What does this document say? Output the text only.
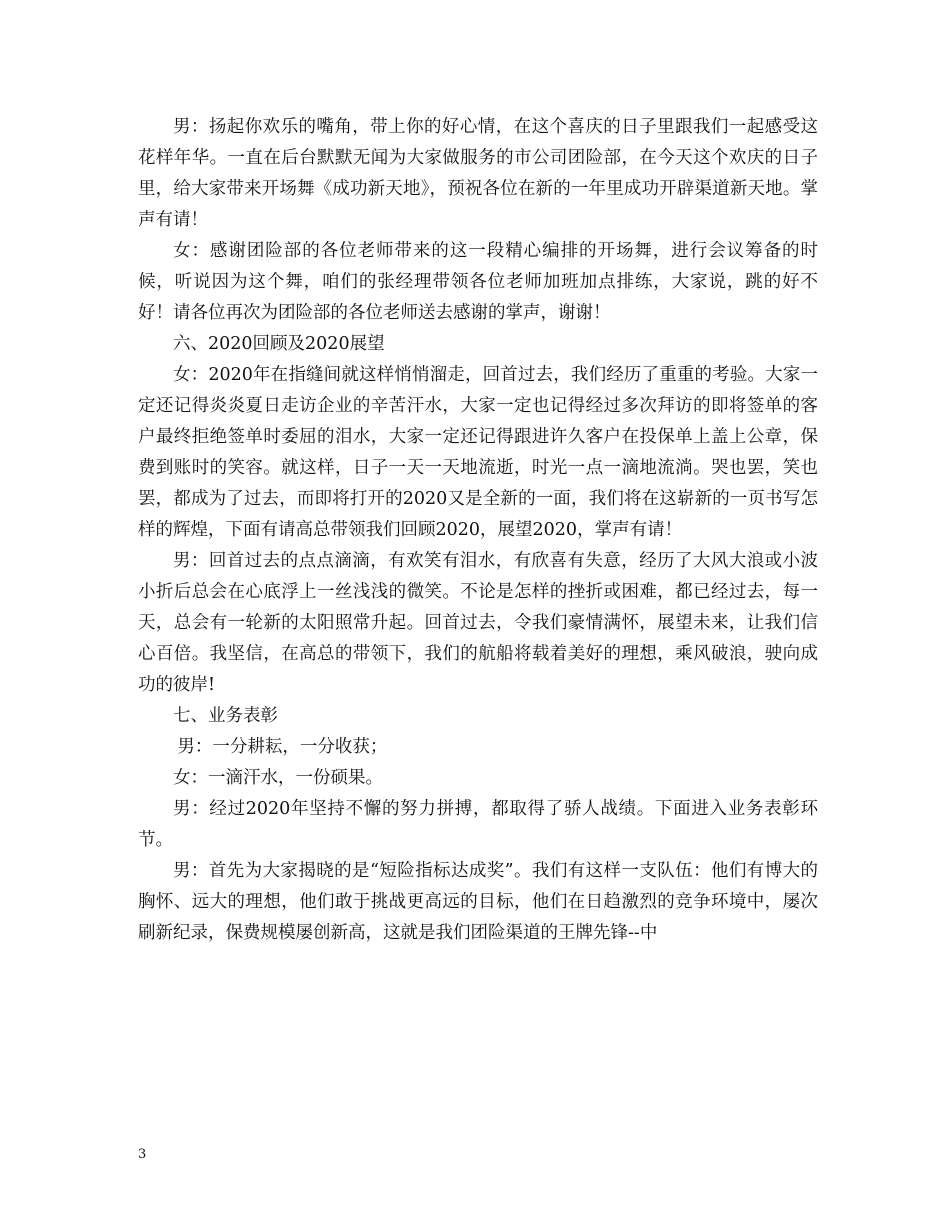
男：扬起你欢乐的嘴角，带上你的好心情，在这个喜庆的日子里跟我们一起感受这花样年华。一直在后台默默无闻为大家做服务的市公司团险部，在今天这个欢庆的日子里，给大家带来开场舞《成功新天地》，预祝各位在新的一年里成功开辟渠道新天地。掌声有请！

女：感谢团险部的各位老师带来的这一段精心编排的开场舞，进行会议筹备的时候，听说因为这个舞，咱们的张经理带领各位老师加班加点排练，大家说，跳的好不好！请各位再次为团险部的各位老师送去感谢的掌声，谢谢！

六、2020回顾及2020展望

女：2020年在指缝间就这样悄悄溜走，回首过去，我们经历了重重的考验。大家一定还记得炎炎夏日走访企业的辛苦汗水，大家一定也记得经过多次拜访的即将签单的客户最终拒绝签单时委屈的泪水，大家一定还记得跟进许久客户在投保单上盖上公章，保费到账时的笑容。就这样，日子一天一天地流逝，时光一点一滴地流淌。哭也罢，笑也罢，都成为了过去，而即将打开的2020又是全新的一面，我们将在这崭新的一页书写怎样的辉煌，下面有请高总带领我们回顾2020，展望2020，掌声有请！

男：回首过去的点点滴滴，有欢笑有泪水，有欣喜有失意，经历了大风大浪或小波小折后总会在心底浮上一丝浅浅的微笑。不论是怎样的挫折或困难，都已经过去，每一天，总会有一轮新的太阳照常升起。回首过去，令我们豪情满怀，展望未来，让我们信心百倍。我坚信，在高总的带领下，我们的航船将载着美好的理想，乘风破浪，驶向成功的彼岸!

七、业务表彰

男：一分耕耘，一分收获；

女：一滴汗水，一份硕果。

男：经过2020年坚持不懈的努力拼搏，都取得了骄人战绩。下面进入业务表彰环节。

男：首先为大家揭晓的是“短险指标达成奖”。我们有这样一支队伍：他们有博大的胸怀、远大的理想，他们敢于挑战更高远的目标，他们在日趋激烈的竞争环境中，屡次刷新纪录，保费规模屡创新高，这就是我们团险渠道的王牌先锋--中

3
